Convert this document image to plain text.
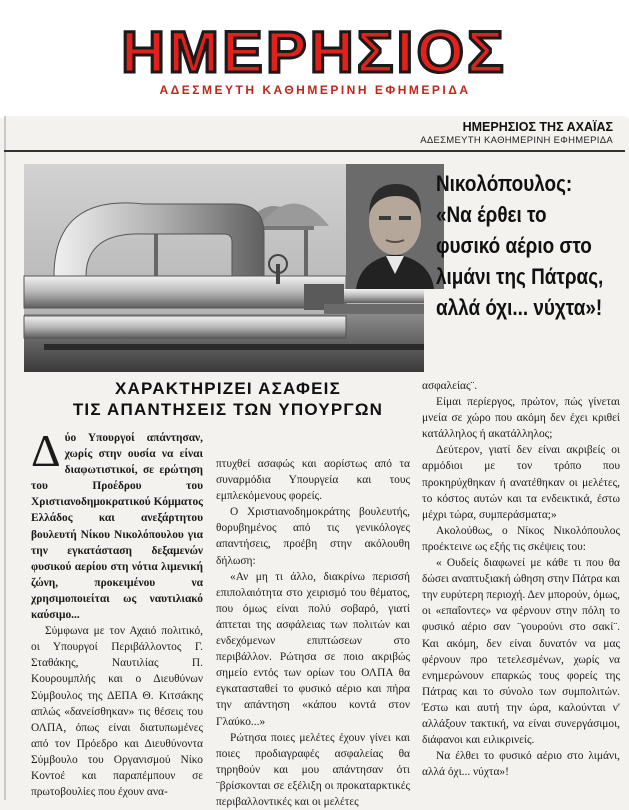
ΗΜΕΡΗΣΙΟΣ
ΑΔΕΣΜΕΥΤΗ ΚΑΘΗΜΕΡΙΝΗ ΕΦΗΜΕΡΙΔΑ
ΗΜΕΡΗΣΙΟΣ ΤΗΣ ΑΧΑΪΑΣ
ΑΔΕΣΜΕΥΤΗ ΚΑΘΗΜΕΡΙΝΗ ΕΦΗΜΕΡΙΔΑ
Νικολόπουλος:
«Να έρθει το
φυσικό αέριο στο
λιμάνι της Πάτρας,
αλλά όχι... νύχτα»!
ΧΑΡΑΚΤΗΡΙΖΕΙ ΑΣΑΦΕΙΣ
ΤΙΣ ΑΠΑΝΤΗΣΕΙΣ ΤΩΝ ΥΠΟΥΡΓΩΝ

Δύο Υπουργοί απάντησαν, χωρίς στην ουσία να είναι διαφωτιστικοί, σε ερώτηση του Προέδρου του Χριστιανοδημοκρατικού Κόμματος Ελλάδος και ανεξάρτητου βουλευτή Νίκου Νικολόπουλου για την εγκατάσταση δεξαμενών φυσικού αερίου στη νότια λιμενική ζώνη, προκειμένου να χρησιμοποιείται ως ναυτιλιακό καύσιμο...

Σύμφωνα με τον Αχαιό πολιτικό, οι Υπουργοί Περιβάλλοντος Γ. Σταθάκης, Ναυτιλίας Π. Κουρουμπλής και ο Διευθύνων Σύμβουλος της ΔΕΠΑ Θ. Κιτσάκης απλώς «δανείσθηκαν» τις θέσεις του ΟΛΠΑ, όπως είναι διατυπωμένες από τον Πρόεδρο και Διευθύνοντα Σύμβουλο του Οργανισμού Νίκο Κοντοέ και παραπέμπουν σε πρωτοβουλίες που έχουν ανα-

πτυχθεί ασαφώς και αορίστως από τα συναρμόδια Υπουργεία και τους εμπλεκόμενους φορείς.

Ο Χριστιανοδημοκράτης βουλευτής, θορυβημένος από τις γενικόλογες απαντήσεις, προέβη στην ακόλουθη δήλωση:

«Αν μη τι άλλο, διακρίνω περισσή επιπολαιότητα στο χειρισμό του θέματος, που όμως είναι πολύ σοβαρό, γιατί άπτεται της ασφάλειας των πολιτών και ενδεχόμενων επιπτώσεων στο περιβάλλον. Ρώτησα σε ποιο ακριβώς σημείο εντός των ορίων του ΟΛΠΑ θα εγκατασταθεί το φυσικό αέριο και πήρα την απάντηση «κάπου κοντά στον Γλαύκο...»

Ρώτησα ποιες μελέτες έχουν γίνει και ποιες προδιαγραφές ασφαλείας θα τηρηθούν και μου απάντησαν ότι ¨βρίσκονται σε εξέλιξη οι προκαταρκτικές περιβαλλοντικές και οι μελέτες

ασφαλείας¨.

Είμαι περίεργος, πρώτον, πώς γίνεται μνεία σε χώρο που ακόμη δεν έχει κριθεί κατάλληλος ή ακατάλληλος;

Δεύτερον, γιατί δεν είναι ακριβείς οι αρμόδιοι με τον τρόπο που προκηρύχθηκαν ή ανατέθηκαν οι μελέτες, το κόστος αυτών και τα ενδεικτικά, έστω μέχρι τώρα, συμπεράσματα;»

Ακολούθως, ο Νίκος Νικολόπουλος προέκτεινε ως εξής τις σκέψεις του:

« Ουδείς διαφωνεί με κάθε τι που θα δώσει αναπτυξιακή ώθηση στην Πάτρα και την ευρύτερη περιοχή. Δεν μπορούν, όμως, οι «επαΐοντες» να φέρνουν στην πόλη το φυσικό αέριο σαν ¨γουρούνι στο σακί¨. Και ακόμη, δεν είναι δυνατόν να μας φέρνουν προ τετελεσμένων, χωρίς να ενημερώνουν επαρκώς τους φορείς της Πάτρας και το σύνολο των συμπολιτών. Έστω και αυτή την ώρα, καλούνται ν' αλλάξουν τακτική, να είναι συνεργάσιμοι, διάφανοι και ειλικρινείς.

Να έλθει το φυσικό αέριο στο λιμάνι, αλλά όχι... νύχτα»!
